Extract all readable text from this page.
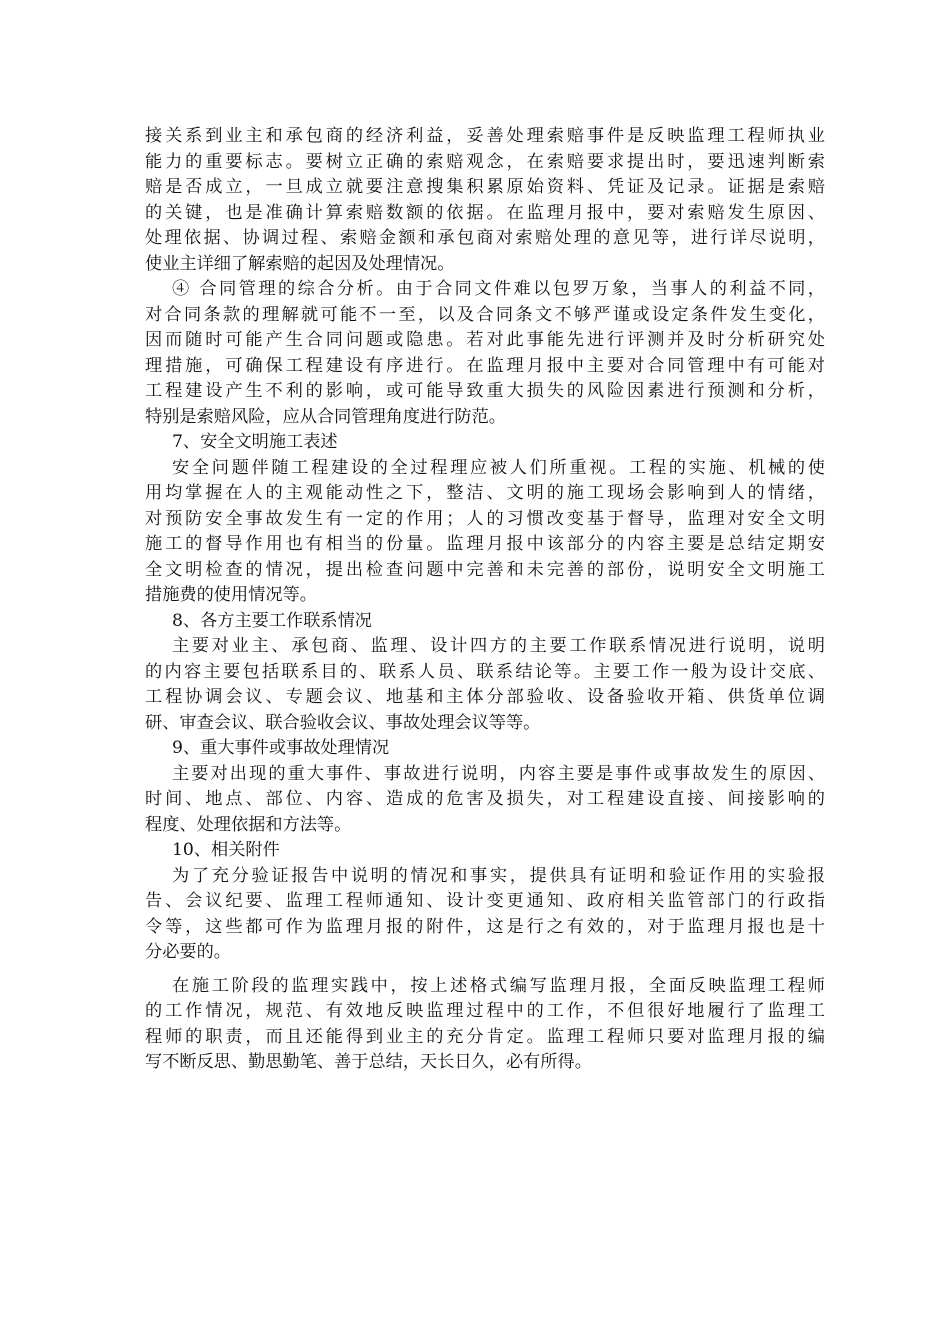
接关系到业主和承包商的经济利益，妥善处理索赔事件是反映监理工程师执业
能力的重要标志。要树立正确的索赔观念，在索赔要求提出时，要迅速判断索
赔是否成立，一旦成立就要注意搜集积累原始资料、凭证及记录。证据是索赔
的关键，也是准确计算索赔数额的依据。在监理月报中，要对索赔发生原因、
处理依据、协调过程、索赔金额和承包商对索赔处理的意见等，进行详尽说明，
使业主详细了解索赔的起因及处理情况。
④ 合同管理的综合分析。由于合同文件难以包罗万象，当事人的利益不同，
对合同条款的理解就可能不一至，以及合同条文不够严谨或设定条件发生变化，
因而随时可能产生合同问题或隐患。若对此事能先进行评测并及时分析研究处
理措施，可确保工程建设有序进行。在监理月报中主要对合同管理中有可能对
工程建设产生不利的影响，或可能导致重大损失的风险因素进行预测和分析，
特别是索赔风险，应从合同管理角度进行防范。
7、安全文明施工表述
安全问题伴随工程建设的全过程理应被人们所重视。工程的实施、机械的使
用均掌握在人的主观能动性之下，整洁、文明的施工现场会影响到人的情绪，
对预防安全事故发生有一定的作用；人的习惯改变基于督导，监理对安全文明
施工的督导作用也有相当的份量。监理月报中该部分的内容主要是总结定期安
全文明检查的情况，提出检查问题中完善和未完善的部份，说明安全文明施工
措施费的使用情况等。
8、各方主要工作联系情况
主要对业主、承包商、监理、设计四方的主要工作联系情况进行说明，说明
的内容主要包括联系目的、联系人员、联系结论等。主要工作一般为设计交底、
工程协调会议、专题会议、地基和主体分部验收、设备验收开箱、供货单位调
研、审查会议、联合验收会议、事故处理会议等等。
9、重大事件或事故处理情况
主要对出现的重大事件、事故进行说明，内容主要是事件或事故发生的原因、
时间、地点、部位、内容、造成的危害及损失，对工程建设直接、间接影响的
程度、处理依据和方法等。
10、相关附件
为了充分验证报告中说明的情况和事实，提供具有证明和验证作用的实验报
告、会议纪要、监理工程师通知、设计变更通知、政府相关监管部门的行政指
令等，这些都可作为监理月报的附件，这是行之有效的，对于监理月报也是十
分必要的。
在施工阶段的监理实践中，按上述格式编写监理月报，全面反映监理工程师
的工作情况，规范、有效地反映监理过程中的工作，不但很好地履行了监理工
程师的职责，而且还能得到业主的充分肯定。监理工程师只要对监理月报的编
写不断反思、勤思勤笔、善于总结，天长日久，必有所得。
